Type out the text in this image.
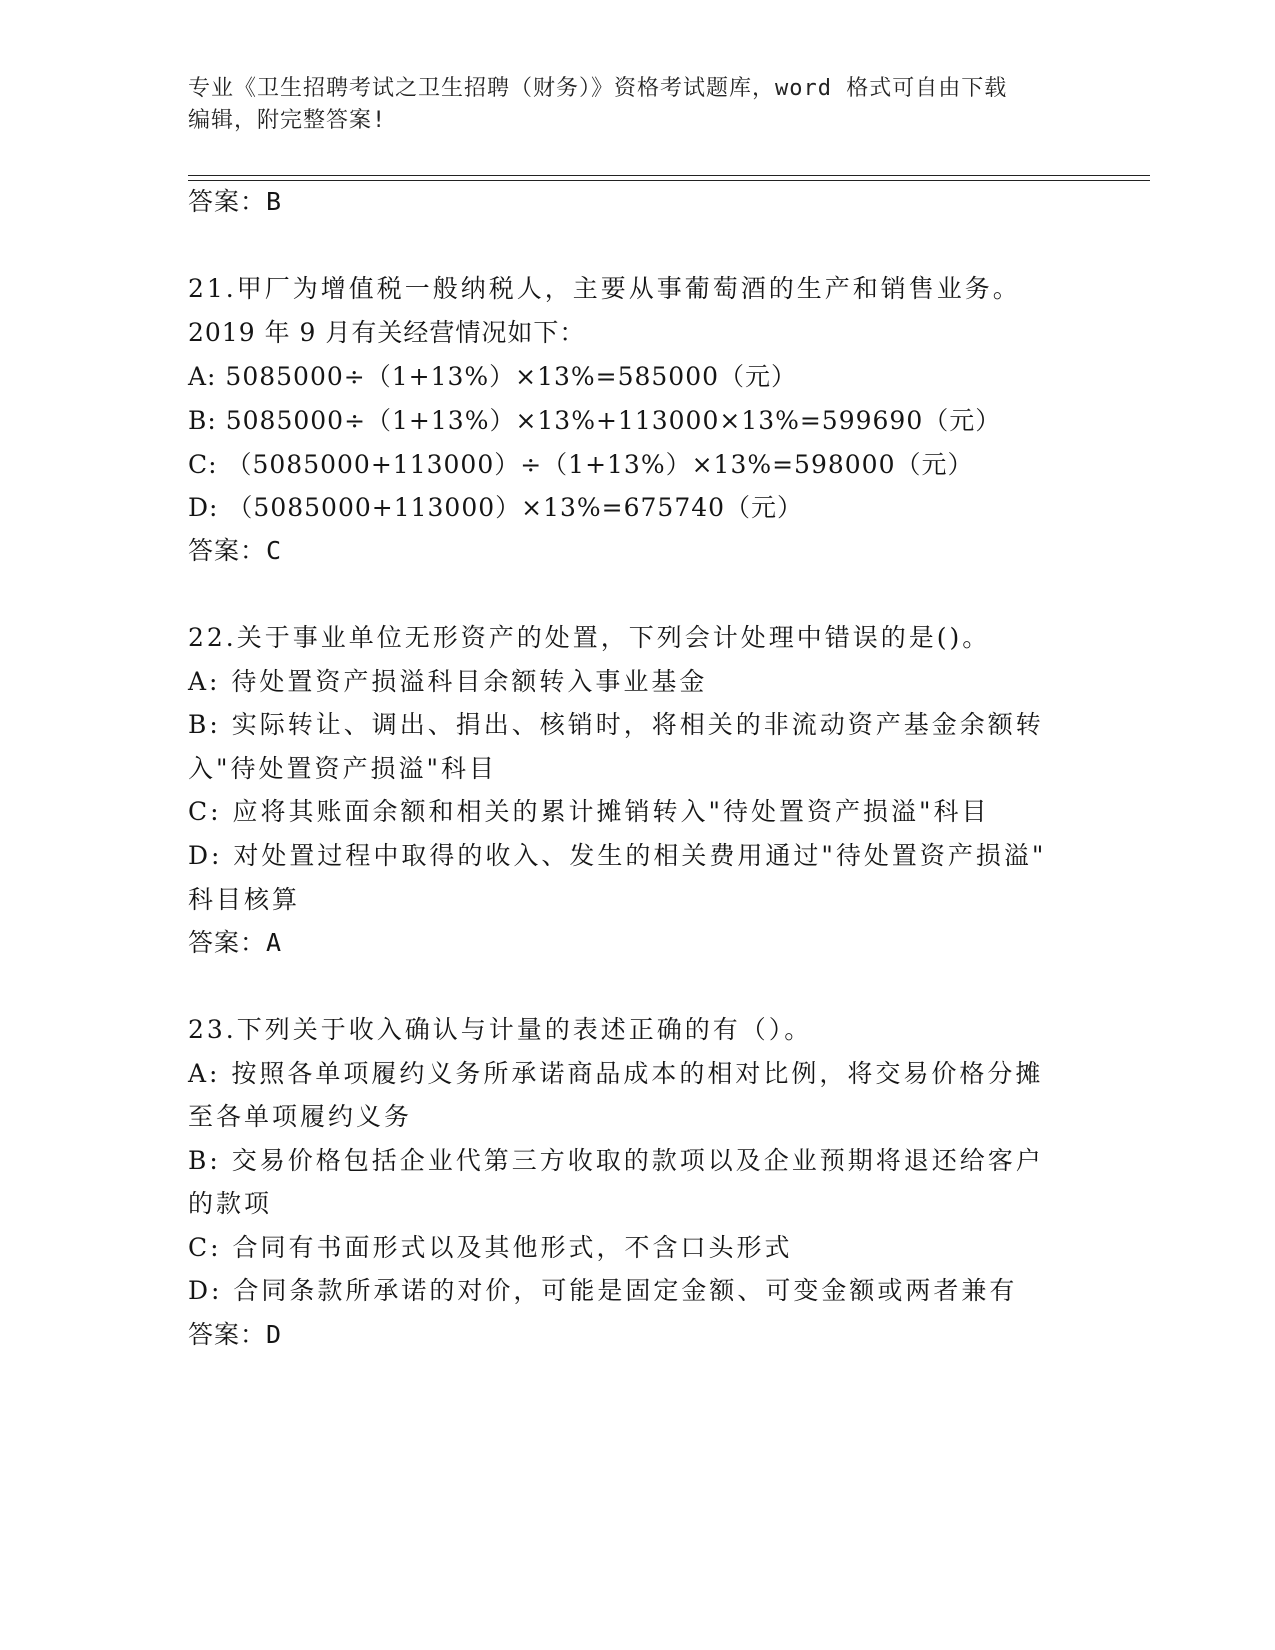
专业《卫生招聘考试之卫生招聘（财务）》资格考试题库，word 格式可自由下载
编辑，附完整答案!
答案：B
21.甲厂为增值税一般纳税人，主要从事葡萄酒的生产和销售业务。
2019 年 9 月有关经营情况如下：
A: 5085000÷（1+13%）×13%=585000（元）
B: 5085000÷（1+13%）×13%+113000×13%=599690（元）
C: （5085000+113000）÷（1+13%）×13%=598000（元）
D: （5085000+113000）×13%=675740（元）
答案：C
22.关于事业单位无形资产的处置，下列会计处理中错误的是()。
A: 待处置资产损溢科目余额转入事业基金
B: 实际转让、调出、捐出、核销时，将相关的非流动资产基金余额转
入"待处置资产损溢"科目
C: 应将其账面余额和相关的累计摊销转入"待处置资产损溢"科目
D: 对处置过程中取得的收入、发生的相关费用通过"待处置资产损溢"
科目核算
答案：A
23.下列关于收入确认与计量的表述正确的有（）。
A: 按照各单项履约义务所承诺商品成本的相对比例，将交易价格分摊
至各单项履约义务
B: 交易价格包括企业代第三方收取的款项以及企业预期将退还给客户
的款项
C: 合同有书面形式以及其他形式，不含口头形式
D: 合同条款所承诺的对价，可能是固定金额、可变金额或两者兼有
答案：D
